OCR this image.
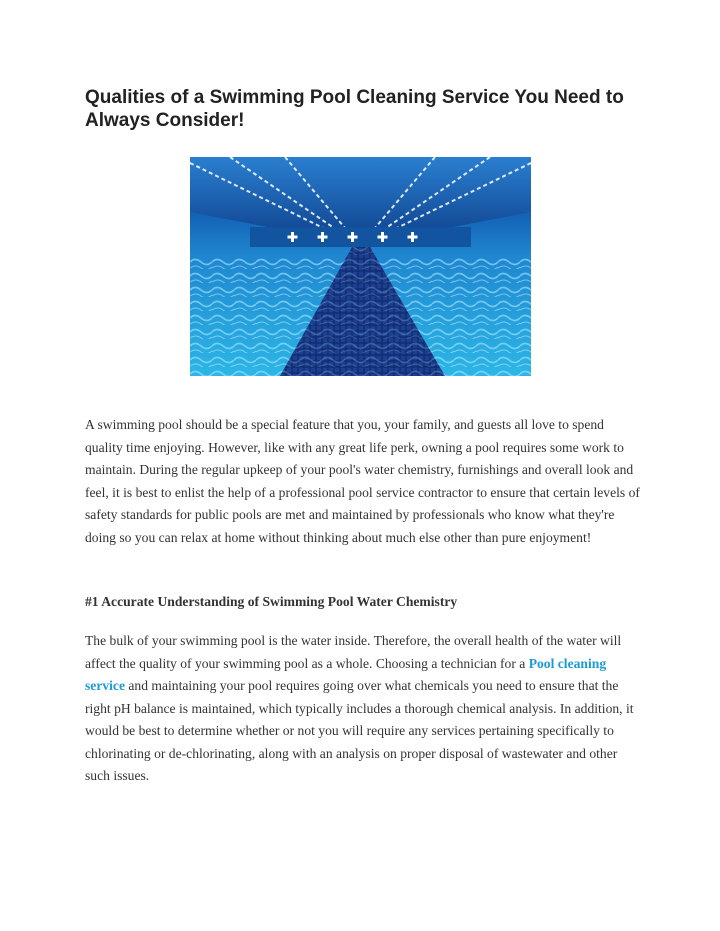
Qualities of a Swimming Pool Cleaning Service You Need to Always Consider!

A swimming pool should be a special feature that you, your family, and guests all love to spend quality time enjoying. However, like with any great life perk, owning a pool requires some work to maintain. During the regular upkeep of your pool's water chemistry, furnishings and overall look and feel, it is best to enlist the help of a professional pool service contractor to ensure that certain levels of safety standards for public pools are met and maintained by professionals who know what they're doing so you can relax at home without thinking about much else other than pure enjoyment!

#1 Accurate Understanding of Swimming Pool Water Chemistry

The bulk of your swimming pool is the water inside. Therefore, the overall health of the water will affect the quality of your swimming pool as a whole. Choosing a technician for a Pool cleaning service and maintaining your pool requires going over what chemicals you need to ensure that the right pH balance is maintained, which typically includes a thorough chemical analysis. In addition, it would be best to determine whether or not you will require any services pertaining specifically to chlorinating or de-chlorinating, along with an analysis on proper disposal of wastewater and other such issues.
